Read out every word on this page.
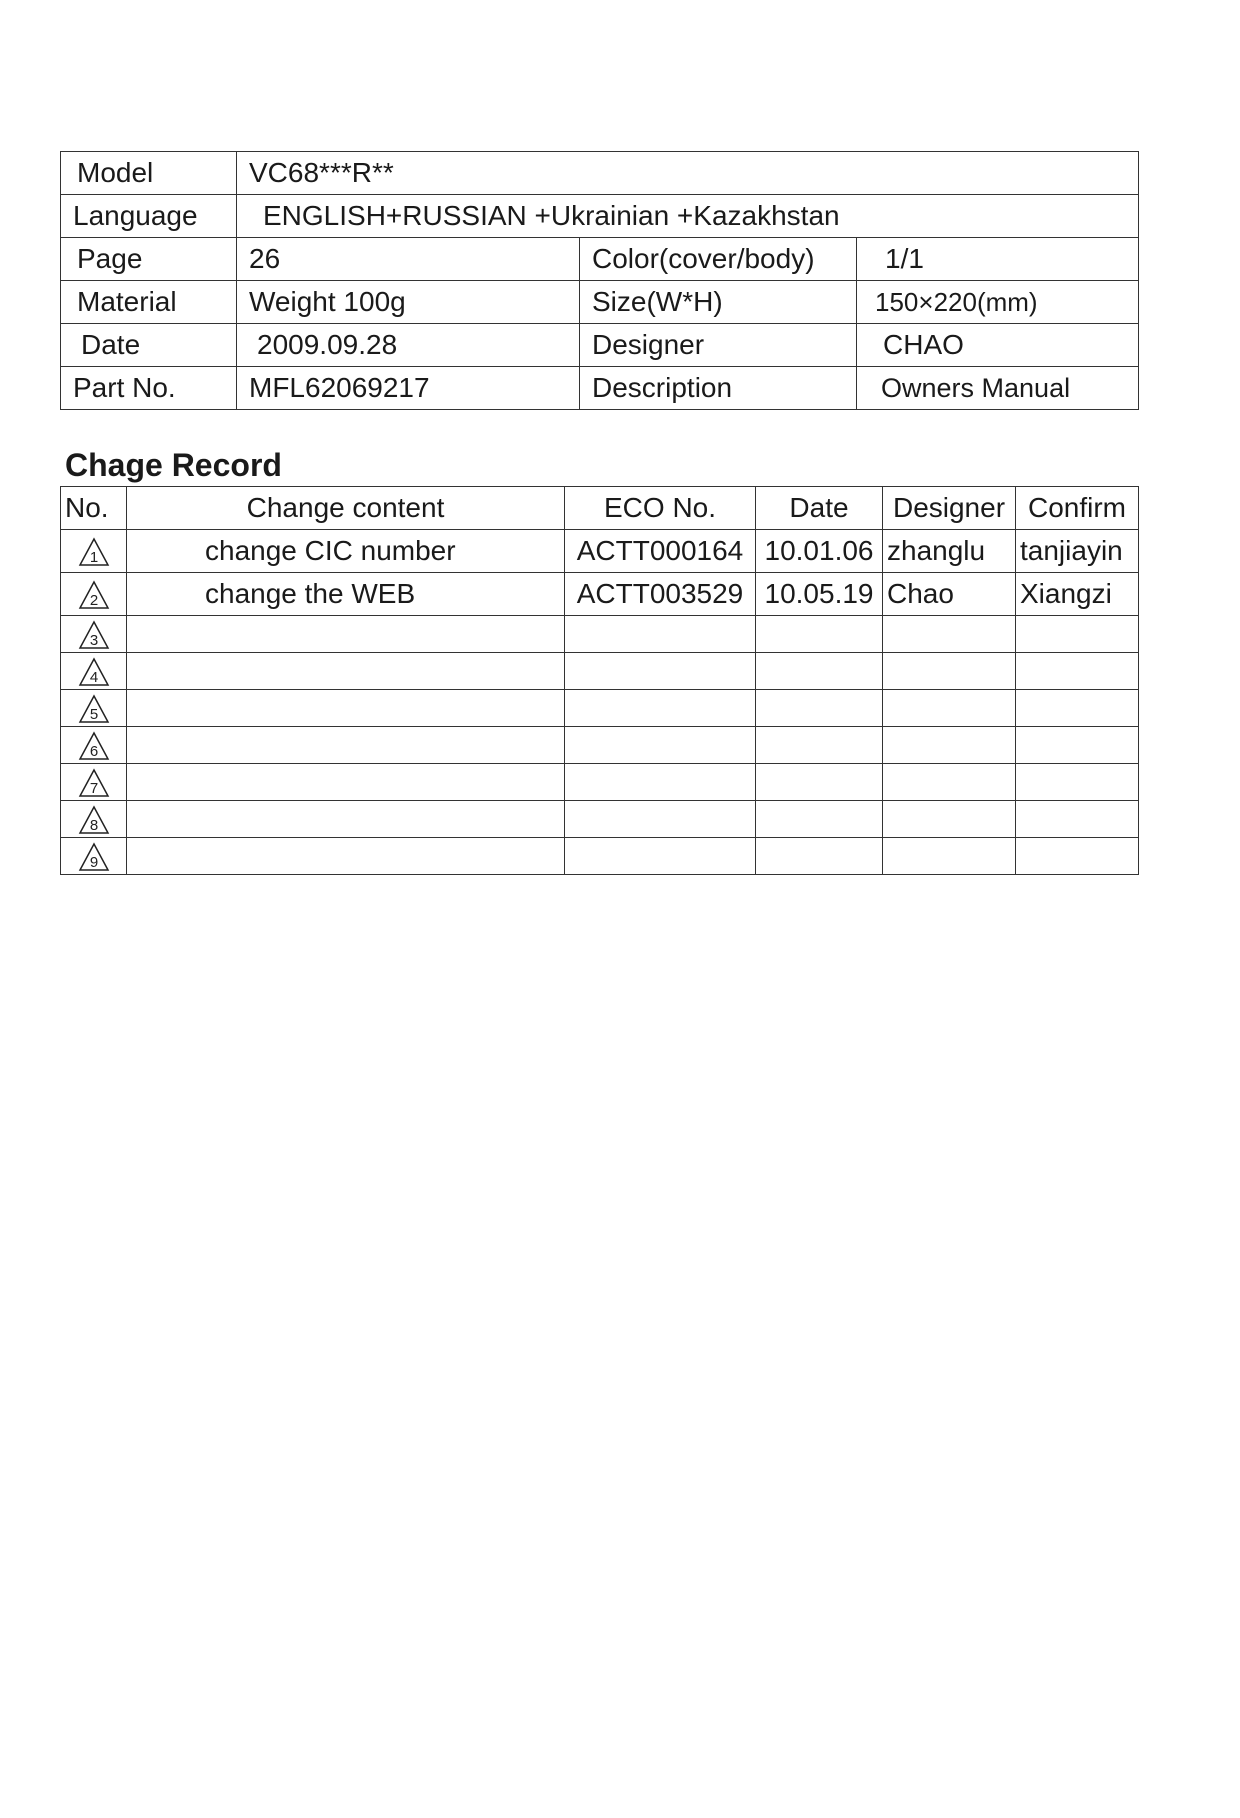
Model	VC68***R**		
Language	ENGLISH+RUSSIAN +Ukrainian +Kazakhstan		
Page	26	Color(cover/body)	1/1
Material	Weight 100g	Size(W*H)	150×220(mm)
Date	2009.09.28	Designer	CHAO
Part No.	MFL62069217	Description	Owners Manual
Chage Record
No.	Change content	ECO No.	Date	Designer	Confirm

1	change CIC number	ACTT000164	10.01.06	zhanglu	tanjiayin

2	change the WEB	ACTT003529	10.05.19	Chao	Xiangzi

3					

4					

5					

6					

7					

8					

9					
